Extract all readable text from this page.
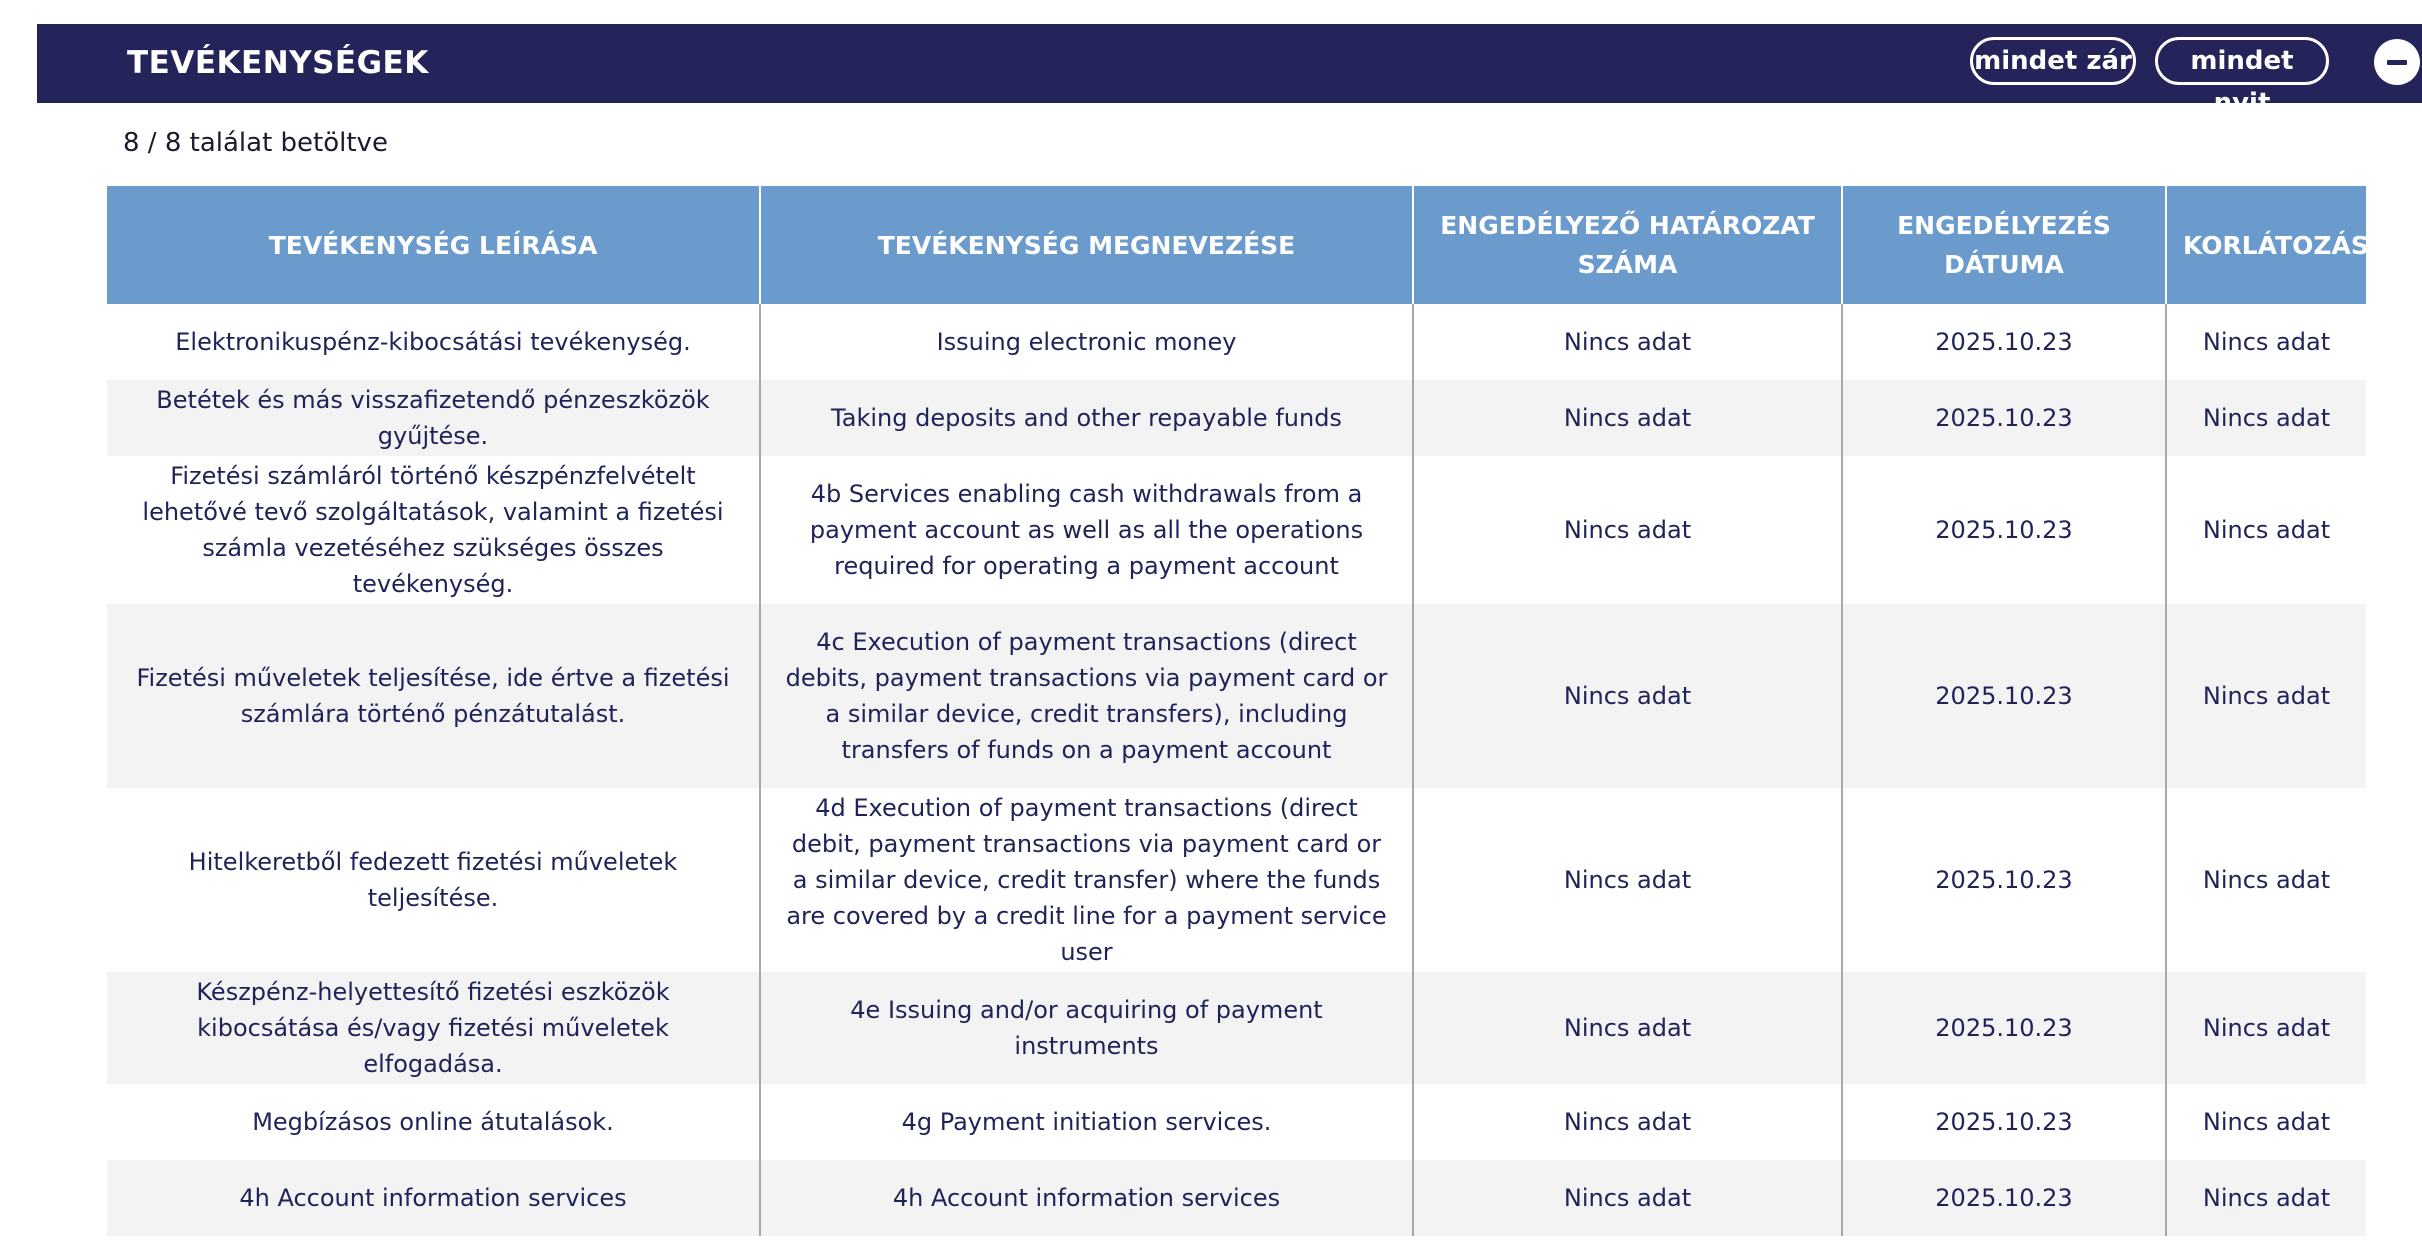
TEVÉKENYSÉGEK	mindet zár	mindet nyit
8 / 8 találat betöltve
TEVÉKENYSÉG LEÍRÁSA	TEVÉKENYSÉG MEGNEVEZÉSE	ENGEDÉLYEZŐ HATÁROZAT SZÁMA	ENGEDÉLYEZÉS DÁTUMA	KORLÁTOZÁS
Elektronikuspénz-kibocsátási tevékenység.	Issuing electronic money	Nincs adat	2025.10.23	Nincs adat
Betétek és más visszafizetendő pénzeszközök gyűjtése.	Taking deposits and other repayable funds	Nincs adat	2025.10.23	Nincs adat
Fizetési számláról történő készpénzfelvételt lehetővé tevő szolgáltatások, valamint a fizetési számla vezetéséhez szükséges összes tevékenység.	4b Services enabling cash withdrawals from a payment account as well as all the operations required for operating a payment account	Nincs adat	2025.10.23	Nincs adat
Fizetési műveletek teljesítése, ide értve a fizetési számlára történő pénzátutalást.	4c Execution of payment transactions (direct debits, payment transactions via payment card or a similar device, credit transfers), including transfers of funds on a payment account	Nincs adat	2025.10.23	Nincs adat
Hitelkeretből fedezett fizetési műveletek teljesítése.	4d Execution of payment transactions (direct debit, payment transactions via payment card or a similar device, credit transfer) where the funds are covered by a credit line for a payment service user	Nincs adat	2025.10.23	Nincs adat
Készpénz-helyettesítő fizetési eszközök kibocsátása és/vagy fizetési műveletek elfogadása.	4e Issuing and/or acquiring of payment instruments	Nincs adat	2025.10.23	Nincs adat
Megbízásos online átutalások.	4g Payment initiation services.	Nincs adat	2025.10.23	Nincs adat
4h Account information services	4h Account information services	Nincs adat	2025.10.23	Nincs adat
